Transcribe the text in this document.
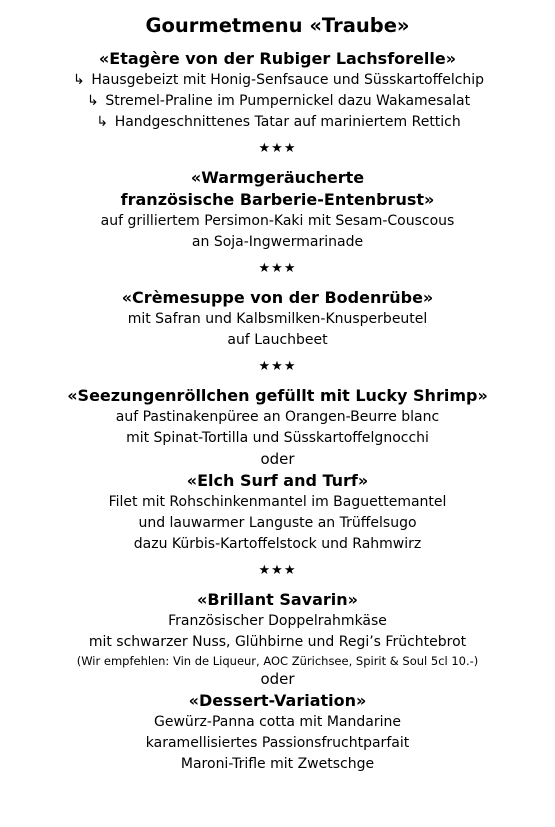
Gourmetmenu «Traube»
«Etagère von der Rubiger Lachsforelle»
↳ Hausgebeizt mit Honig-Senfsauce und Süsskartoffelchip
↳ Stremel-Praline im Pumpernickel dazu Wakamesalat
↳ Handgeschnittenes Tatar auf mariniertem Rettich
★★★
«Warmgeräucherte
französische Barberie-Entenbrust»
auf grilliertem Persimon-Kaki mit Sesam-Couscous
an Soja-Ingwermarinade
★★★
«Crèmesuppe von der Bodenrübe»
mit Safran und Kalbsmilken-Knusperbeutel
auf Lauchbeet
★★★
«Seezungenröllchen gefüllt mit Lucky Shrimp»
auf Pastinakenpüree an Orangen-Beurre blanc
mit Spinat-Tortilla und Süsskartoffelgnocchi
oder
«Elch Surf and Turf»
Filet mit Rohschinkenmantel im Baguettemantel
und lauwarmer Languste an Trüffelsugo
dazu Kürbis-Kartoffelstock und Rahmwirz
★★★
«Brillant Savarin»
Französischer Doppelrahmkäse
mit schwarzer Nuss, Glühbirne und Regi’s Früchtebrot
(Wir empfehlen: Vin de Liqueur, AOC Zürichsee, Spirit & Soul 5cl 10.-)
oder
«Dessert-Variation»
Gewürz-Panna cotta mit Mandarine
karamellisiertes Passionsfruchtparfait
Maroni-Trifle mit Zwetschge
